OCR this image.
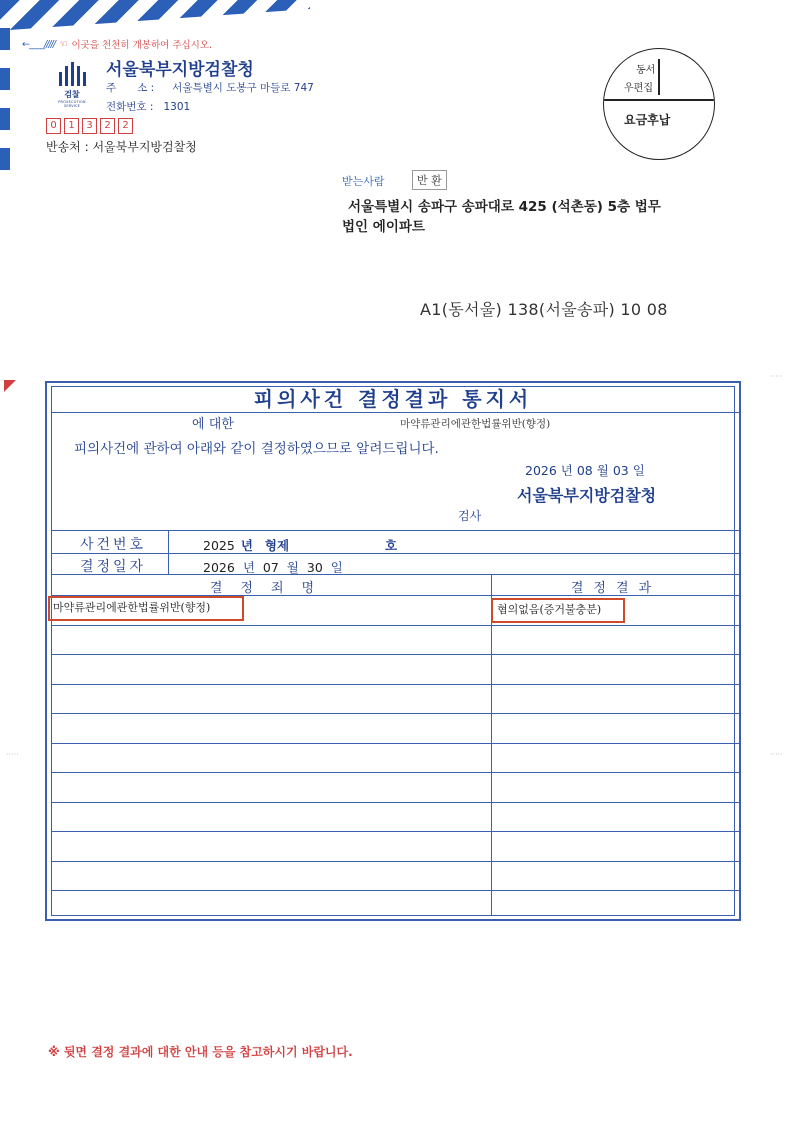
←____///// ☜ 이곳을 천천히 개봉하여 주십시오.
검찰
PROSECUTION SERVICE
서울북부지방검찰청
주　　소 : 서울특별시 도봉구 마들로 747
전화번호 : 1301
0	1	3	2	2
반송처 : 서울북부지방검찰청
동서
우편집
요금후납
받는사람	반 환
서울특별시 송파구 송파대로 425 (석촌동) 5층 법무
법인 에이파트
A1(동서울) 138(서울송파) 10 08
·····	·····
·····
피의사건 결정결과 통지서
에 대한	마약류관리에관한법률위반(향정)
피의사건에 관하여 아래와 같이 결정하였으므로 알려드립니다.
2026 년 08 월 03 일
서울북부지방검찰청
검사
사건번호	2025 년 형제	호
결정일자	2026 년 07 월 30 일
결정죄명	결정결과
마약류관리에관한법률위반(향정)	혐의없음(증거불충분)
※ 뒷면 결정 결과에 대한 안내 등을 참고하시기 바랍니다.
